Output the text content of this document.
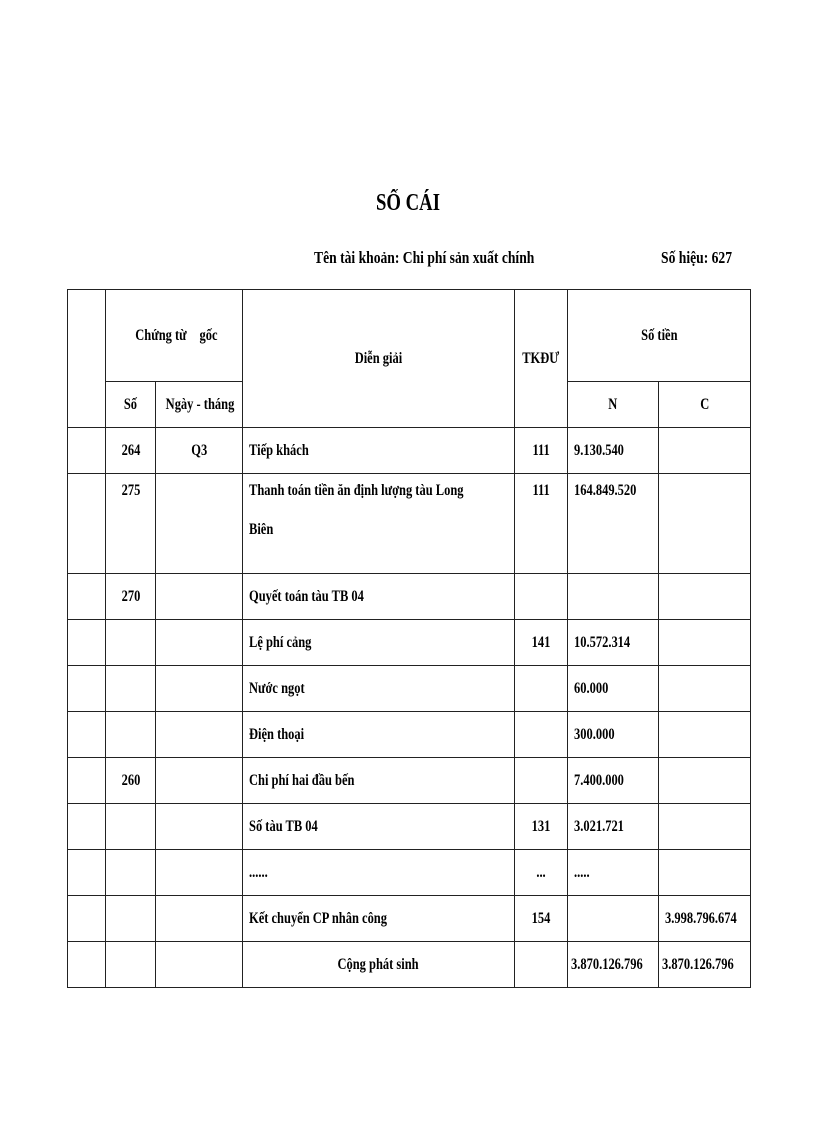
SỔ CÁI
Tên tài khoản: Chi phí sản xuất chính	Số hiệu: 627
	Chứng từ gốc		Diễn giải	TKĐƯ	Số tiền	

	Số	Ngày - tháng			N	C
	264	Q3	Tiếp khách	111	9.130.540	
	275		Thanh toán tiền ăn định lượng tàu Long
Biên	111	164.849.520	
	270		Quyết toán tàu TB 04			
			Lệ phí cảng	141	10.572.314	
			Nước ngọt		60.000	
			Điện thoại		300.000	
	260		Chi phí hai đầu bến		7.400.000	
			Số tàu TB 04	131	3.021.721	
			......	...	.....	
			Kết chuyển CP nhân công	154		3.998.796.674
			Cộng phát sinh		3.870.126.796	3.870.126.796
